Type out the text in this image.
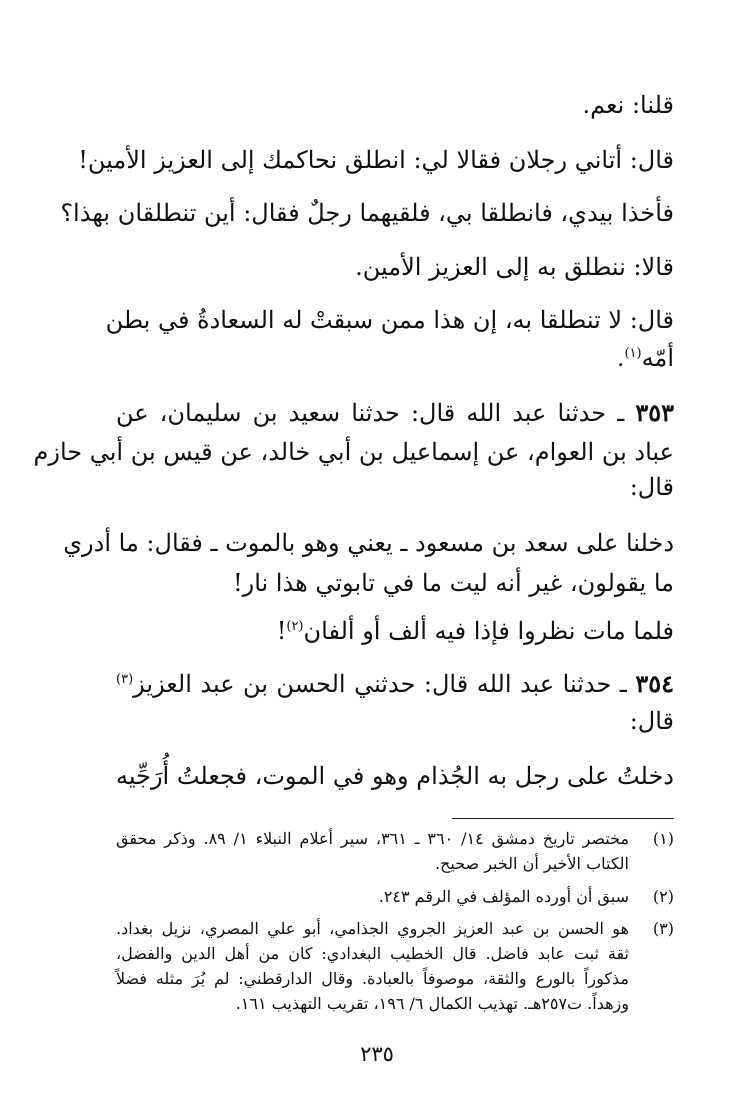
قلنا: نعم.
قال: أتاني رجلان فقالا لي: انطلق نحاكمك إلى العزيز الأمين!
فأخذا بيدي، فانطلقا بي، فلقيهما رجلٌ فقال: أين تنطلقان بهذا؟
قالا: ننطلق به إلى العزيز الأمين.
قال: لا تنطلقا به، إن هذا ممن سبقتْ له السعادةُ في بطن
أمّه$^{(١)}$.
٣٥٣ ـ حدثنا عبد الله قال: حدثنا سعيد بن سليمان، عن
عباد بن العوام، عن إسماعيل بن أبي خالد، عن قيس بن أبي حازم
قال:
دخلنا على سعد بن مسعود ـ يعني وهو بالموت ـ فقال: ما أدري
ما يقولون، غير أنه ليت ما في تابوتي هذا نار!
فلما مات نظروا فإذا فيه ألف أو ألفان$^{(٢)}$!
٣٥٤ ـ حدثنا عبد الله قال: حدثني الحسن بن عبد العزيز$^{(٣)}$
قال:
دخلتُ على رجل به الجُذام وهو في الموت، فجعلتُ أُرَجِّيه
(١)
مختصر تاريخ دمشق ١٤/ ٣٦٠ ـ ٣٦١، سير أعلام النبلاء ١/ ٨٩. وذكر محقق
الكتاب الأخير أن الخبر صحيح.
(٢)
سبق أن أورده المؤلف في الرقم ٢٤٣.
(٣)
هو الحسن بن عبد العزيز الجروي الجذامي، أبو علي المصري، نزيل بغداد.
ثقة ثبت عابد فاضل. قال الخطيب البغدادي: كان من أهل الدين والفضل،
مذكوراً بالورع والثقة، موصوفاً بالعبادة. وقال الدارقطني: لم يُرَ مثله فضلاً
وزهداً. ت٢٥٧هـ. تهذيب الكمال ٦/ ١٩٦، تقريب التهذيب ١٦١.
٢٣٥
